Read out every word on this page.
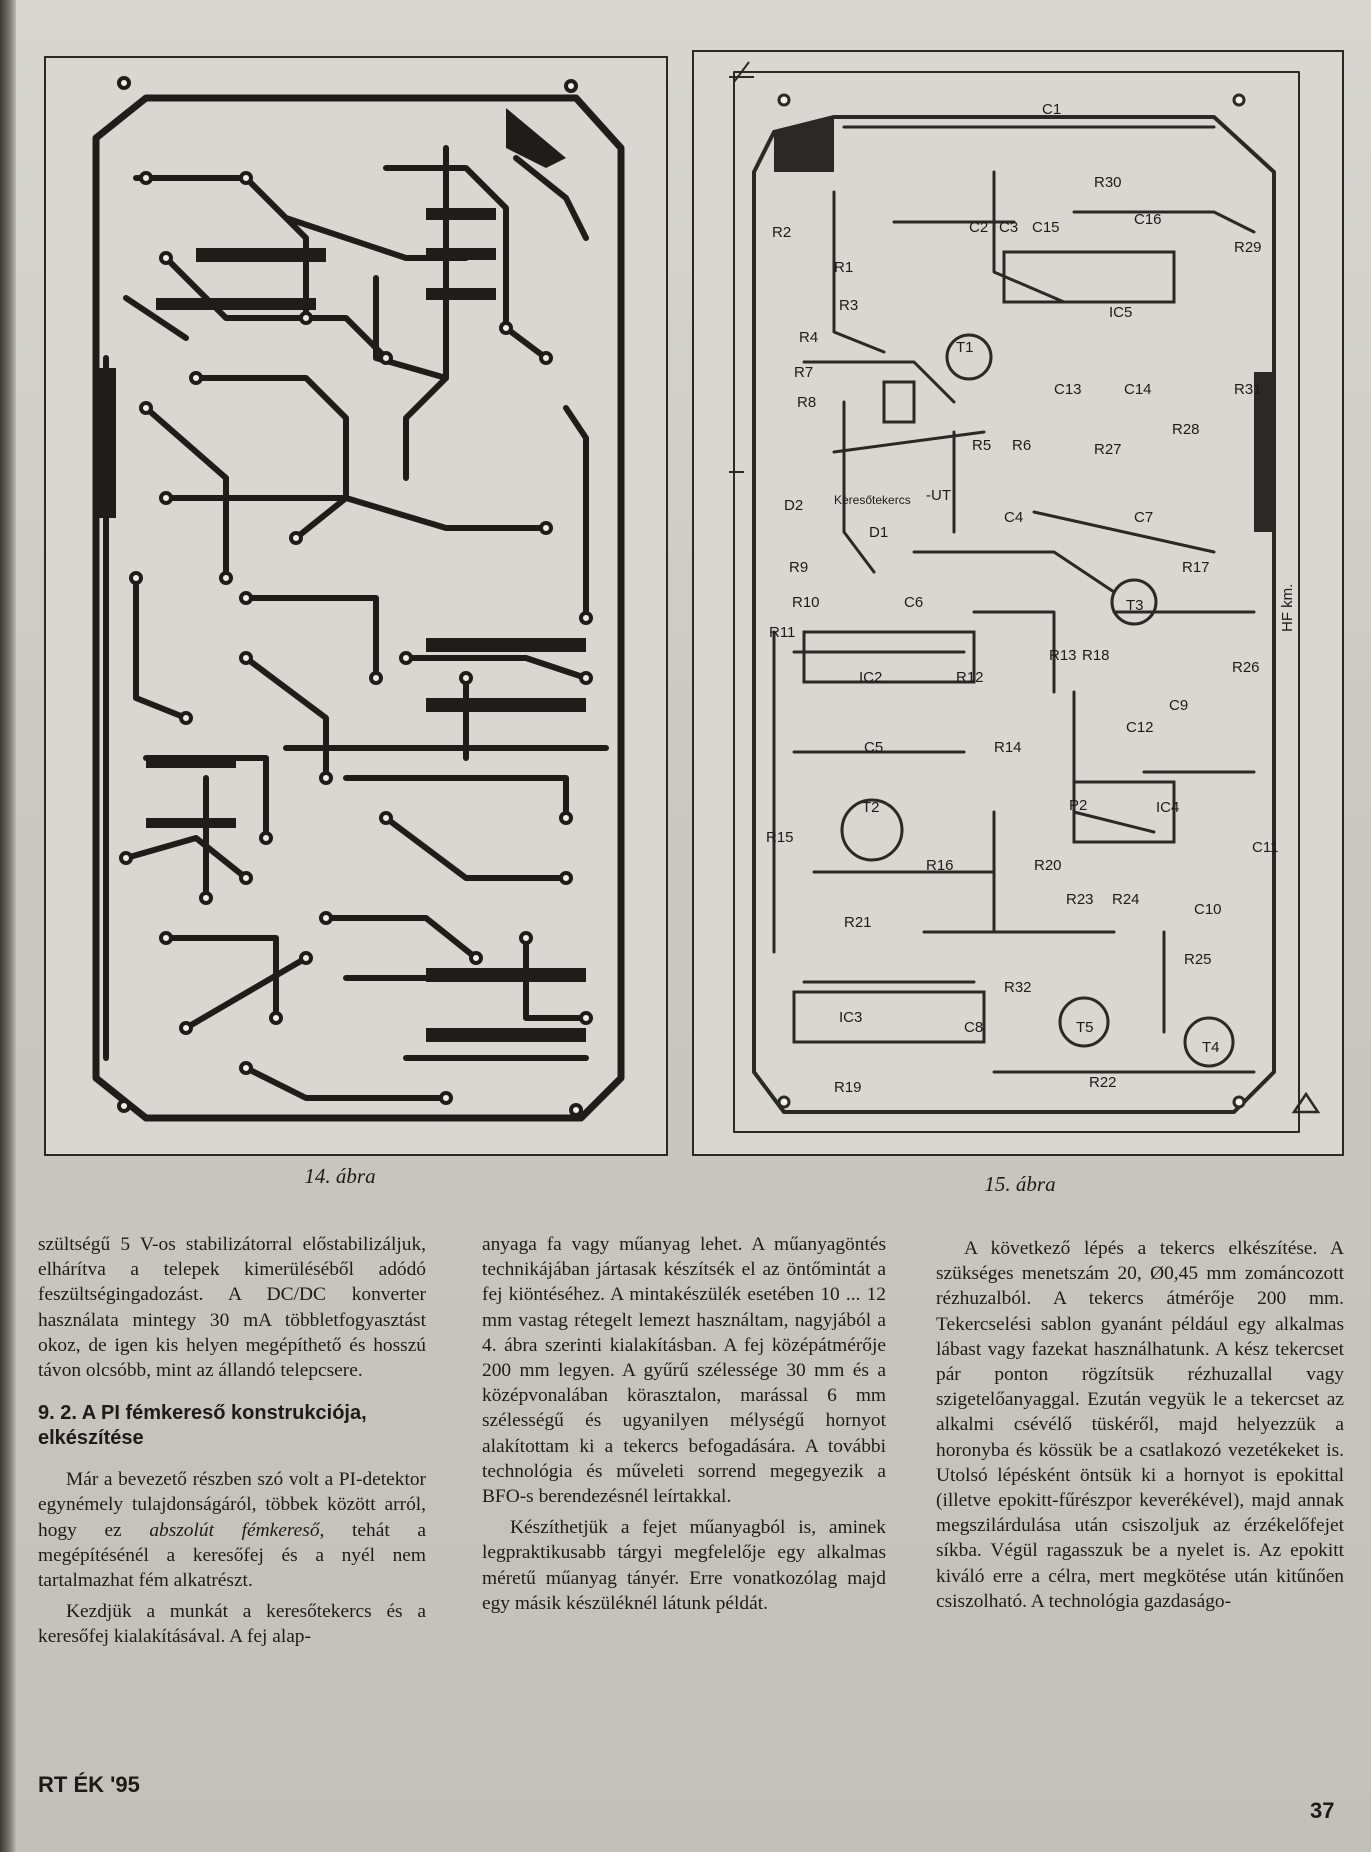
14. ábra
C1
C2 C3 C15	C16
R30
R29
R2
R1
R3	IC5
R4
T1
R7
R8
C13	C14	R31
R28
R27
R5 R6
D2	Keresőtekercs -UT
C4	C7
D1
R9
R10
C5
C6
R17
T3	HF km.
R11
IC2	R12
R13 R18
R26
C9
C12
R14
T2	P2	IC4
C11
R15
R16	R20
R23 R24
C10
R21
R25
IC3
R32
C8	T5
T4
R19	R22
15. ábra

szültségű 5 V-os stabilizátorral előstabilizáljuk, elhárítva a telepek kimerüléséből adódó feszültségingadozást. A DC/DC konverter használata mintegy 30 mA többletfogyasztást okoz, de igen kis helyen megépíthető és hosszú távon olcsóbb, mint az állandó telepcsere.

9. 2. A PI fémkereső konstrukciója, elkészítése

Már a bevezető részben szó volt a PI-detektor egynémely tulajdonságáról, többek között arról, hogy ez abszolút fémkereső, tehát a megépítésénél a keresőfej és a nyél nem tartalmazhat fém alkatrészt.

Kezdjük a munkát a keresőtekercs és a keresőfej kialakításával. A fej alap-

anyaga fa vagy műanyag lehet. A műanyagöntés technikájában jártasak készítsék el az öntőmintát a fej kiöntéséhez. A mintakészülék esetében 10 ... 12 mm vastag rétegelt lemezt használtam, nagyjából a 4. ábra szerinti kialakításban. A fej középátmérője 200 mm legyen. A gyűrű szélessége 30 mm és a középvonalában körasztalon, marással 6 mm szélességű és ugyanilyen mélységű hornyot alakítottam ki a tekercs befogadására. A további technológia és műveleti sorrend megegyezik a BFO-s berendezésnél leírtakkal.

Készíthetjük a fejet műanyagból is, aminek legpraktikusabb tárgyi megfelelője egy alkalmas méretű műanyag tányér. Erre vonatkozólag majd egy másik készüléknél látunk példát.

A következő lépés a tekercs elkészítése. A szükséges menetszám 20, Ø0,45 mm zománcozott rézhuzalból. A tekercs átmérője 200 mm. Tekercselési sablon gyanánt például egy alkalmas lábast vagy fazekat használhatunk. A kész tekercset pár ponton rögzítsük rézhuzallal vagy szigetelőanyaggal. Ezután vegyük le a tekercset az alkalmi csévélő tüskéről, majd helyezzük a horonyba és kössük be a csatlakozó vezetékeket is. Utolsó lépésként öntsük ki a hornyot is epokittal (illetve epokitt-fűrészpor keverékével), majd annak megszilárdulása után csiszoljuk az érzékelőfejet síkba. Végül ragasszuk be a nyelet is. Az epokitt kiváló erre a célra, mert megkötése után kitűnően csiszolható. A technológia gazdaságo-

RT ÉK '95
37
